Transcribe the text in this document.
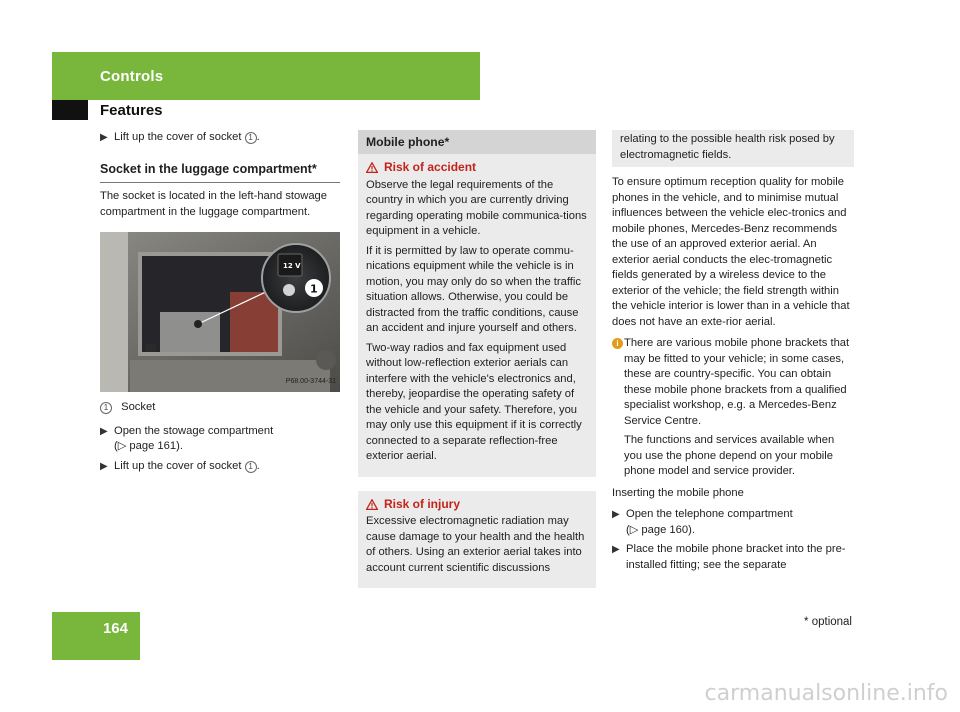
Controls
Features
▶ Lift up the cover of socket 1 .
Socket in the luggage compartment*

The socket is located in the left-hand stowage compartment in the luggage compartment.

12 V
1
P68.00-3744-31
1 Socket
▶ Open the stowage compartment
(▷ page 161).
▶ Lift up the cover of socket 1 .
Mobile phone*
Risk of accident

Observe the legal requirements of the country in which you are currently driving regarding operating mobile communica-tions equipment in a vehicle.

If it is permitted by law to operate commu-nications equipment while the vehicle is in motion, you may only do so when the traffic situation allows. Otherwise, you could be distracted from the traffic conditions, cause an accident and injure yourself and others.

Two-way radios and fax equipment used without low-reflection exterior aerials can interfere with the vehicle's electronics and, thereby, jeopardise the operating safety of the vehicle and your safety. Therefore, you may only use this equipment if it is correctly connected to a separate reflection-free exterior aerial.

Risk of injury

Excessive electromagnetic radiation may cause damage to your health and the health of others. Using an exterior aerial takes into account current scientific discussions

relating to the possible health risk posed by electromagnetic fields.

To ensure optimum reception quality for mobile phones in the vehicle, and to minimise mutual influences between the vehicle elec-tronics and mobile phones, Mercedes-Benz recommends the use of an approved exterior aerial. An exterior aerial conducts the elec-tromagnetic fields generated by a wireless device to the exterior of the vehicle; the field strength within the vehicle interior is lower than in a vehicle that does not have an exte-rior aerial.

i There are various mobile phone brackets that may be fitted to your vehicle; in some cases, these are country-specific. You can obtain these mobile phone brackets from a qualified specialist workshop, e.g. a Mercedes-Benz Service Centre.

The functions and services available when you use the phone depend on your mobile phone model and service provider.

Inserting the mobile phone

▶ Open the telephone compartment
(▷ page 160).
▶ Place the mobile phone bracket into the pre-installed fitting; see the separate
164	* optional
carmanualsonline.info
